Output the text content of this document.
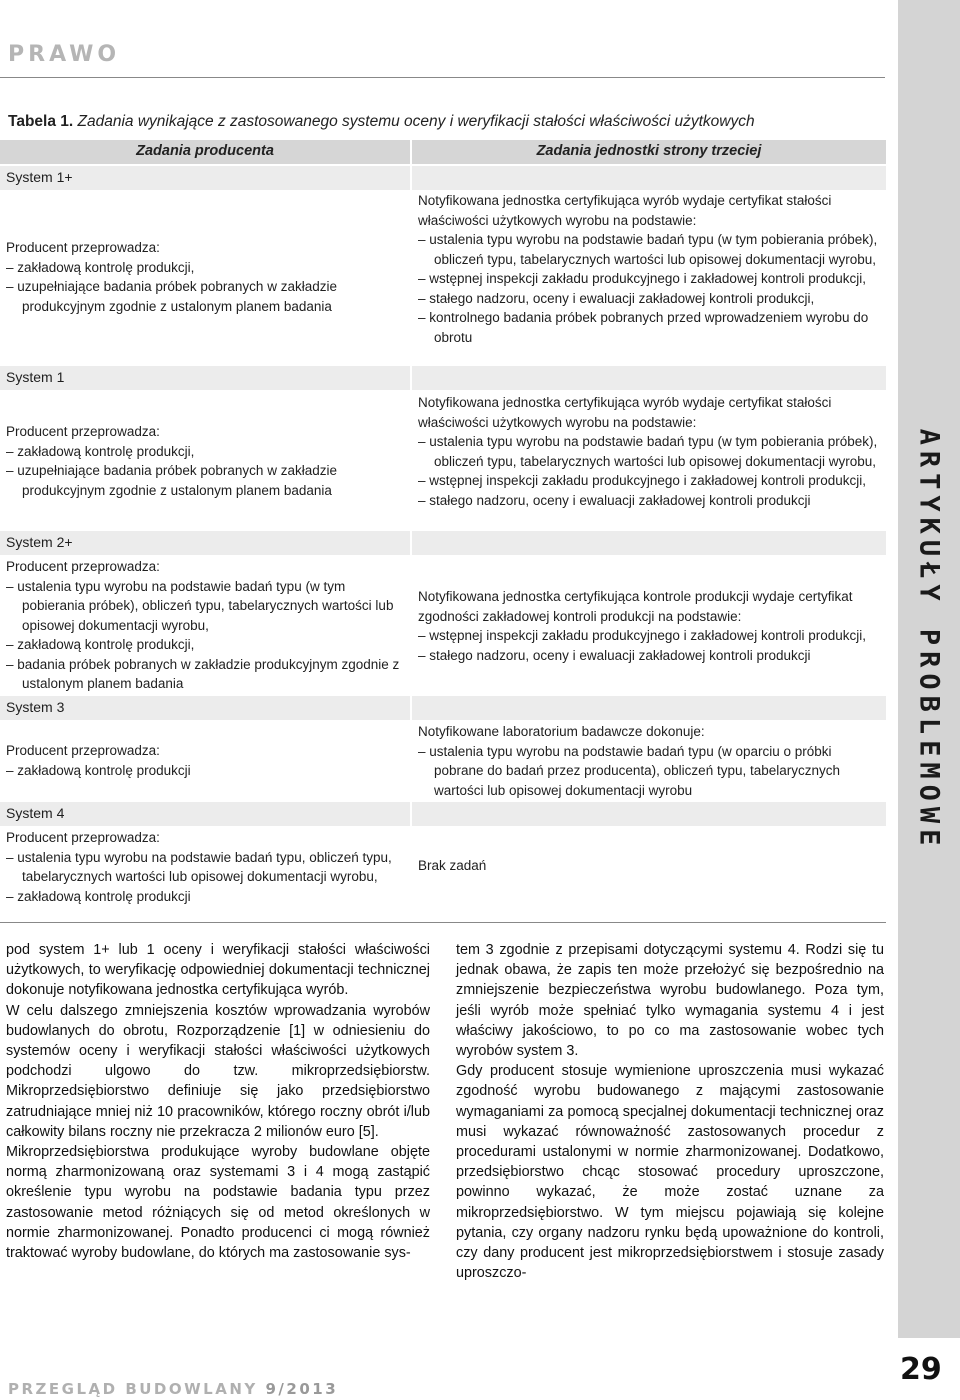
PRAWO
ARTYKUŁY PROBLEMOWE
Tabela 1. Zadania wynikające z zastosowanego systemu oceny i weryfikacji stałości właściwości użytkowych
Zadania producenta	Zadania jednostki strony trzeciej
System 1+
Producent przeprowadza:
– zakładową kontrolę produkcji,
– uzupełniające badania próbek pobranych w zakładzie produkcyjnym zgodnie z ustalonym planem badania
Notyfikowana jednostka certyfikująca wyrób wydaje certyfikat stałości właściwości użytkowych wyrobu na podstawie:
– ustalenia typu wyrobu na podstawie badań typu (w tym pobierania próbek), obliczeń typu, tabelarycznych wartości lub opisowej dokumentacji wyrobu,
– wstępnej inspekcji zakładu produkcyjnego i zakładowej kontroli produkcji,
– stałego nadzoru, oceny i ewaluacji zakładowej kontroli produkcji,
– kontrolnego badania próbek pobranych przed wprowadzeniem wyrobu do obrotu
System 1
Producent przeprowadza:
– zakładową kontrolę produkcji,
– uzupełniające badania próbek pobranych w zakładzie produkcyjnym zgodnie z ustalonym planem badania
Notyfikowana jednostka certyfikująca wyrób wydaje certyfikat stałości właściwości użytkowych wyrobu na podstawie:
– ustalenia typu wyrobu na podstawie badań typu (w tym pobierania próbek), obliczeń typu, tabelarycznych wartości lub opisowej dokumentacji wyrobu,
– wstępnej inspekcji zakładu produkcyjnego i zakładowej kontroli produkcji,
– stałego nadzoru, oceny i ewaluacji zakładowej kontroli produkcji
System 2+
Producent przeprowadza:
– ustalenia typu wyrobu na podstawie badań typu (w tym pobierania próbek), obliczeń typu, tabelarycznych wartości lub opisowej dokumentacji wyrobu,
– zakładową kontrolę produkcji,
– badania próbek pobranych w zakładzie produkcyjnym zgodnie z ustalonym planem badania
Notyfikowana jednostka certyfikująca kontrole produkcji wydaje certyfikat zgodności zakładowej kontroli produkcji na podstawie:
– wstępnej inspekcji zakładu produkcyjnego i zakładowej kontroli produkcji,
– stałego nadzoru, oceny i ewaluacji zakładowej kontroli produkcji
System 3
Producent przeprowadza:
– zakładową kontrolę produkcji
Notyfikowane laboratorium badawcze dokonuje:
– ustalenia typu wyrobu na podstawie badań typu (w oparciu o próbki pobrane do badań przez producenta), obliczeń typu, tabelarycznych wartości lub opisowej dokumentacji wyrobu
System 4
Producent przeprowadza:
– ustalenia typu wyrobu na podstawie badań typu, obliczeń typu, tabelarycznych wartości lub opisowej dokumentacji wyrobu,
– zakładową kontrolę produkcji
Brak zadań
pod system 1+ lub 1 oceny i weryfikacji stałości właściwości użytkowych, to weryfikację odpowiedniej dokumentacji technicznej dokonuje notyfikowana jednostka certyfikująca wyrób.
W celu dalszego zmniejszenia kosztów wprowadzania wyrobów budowlanych do obrotu, Rozporządzenie [1] w odniesieniu do systemów oceny i weryfikacji stałości właściwości użytkowych podchodzi ulgowo do tzw. mikroprzedsiębiorstw. Mikroprzedsiębiorstwo definiuje się jako przedsiębiorstwo zatrudniające mniej niż 10 pracowników, którego roczny obrót i/lub całkowity bilans roczny nie przekracza 2 milionów euro [5].
Mikroprzedsiębiorstwa produkujące wyroby budowlane objęte normą zharmonizowaną oraz systemami 3 i 4 mogą zastąpić określenie typu wyrobu na podstawie badania typu przez zastosowanie metod różniących się od metod określonych w normie zharmonizowanej. Ponadto producenci ci mogą również traktować wyroby budowlane, do których ma zastosowanie sys-
tem 3 zgodnie z przepisami dotyczącymi systemu 4. Rodzi się tu jednak obawa, że zapis ten może przełożyć się bezpośrednio na zmniejszenie bezpieczeństwa wyrobu budowlanego. Poza tym, jeśli wyrób może spełniać tylko wymagania systemu 4 i jest właściwy jakościowo, to po co ma zastosowanie wobec tych wyrobów system 3.
Gdy producent stosuje wymienione uproszczenia musi wykazać zgodność wyrobu budowanego z mającymi zastosowanie wymaganiami za pomocą specjalnej dokumentacji technicznej oraz musi wykazać równoważność zastosowanych procedur z procedurami ustalonymi w normie zharmonizowanej. Dodatkowo, przedsiębiorstwo chcąc stosować procedury uproszczone, powinno wykazać, że może zostać uznane za mikroprzedsiębiorstwo. W tym miejscu pojawiają się kolejne pytania, czy organy nadzoru rynku będą upoważnione do kontroli, czy dany producent jest mikroprzedsiębiorstwem i stosuje zasady uproszczo-
PRZEGLĄD BUDOWLANY 9/2013
29
